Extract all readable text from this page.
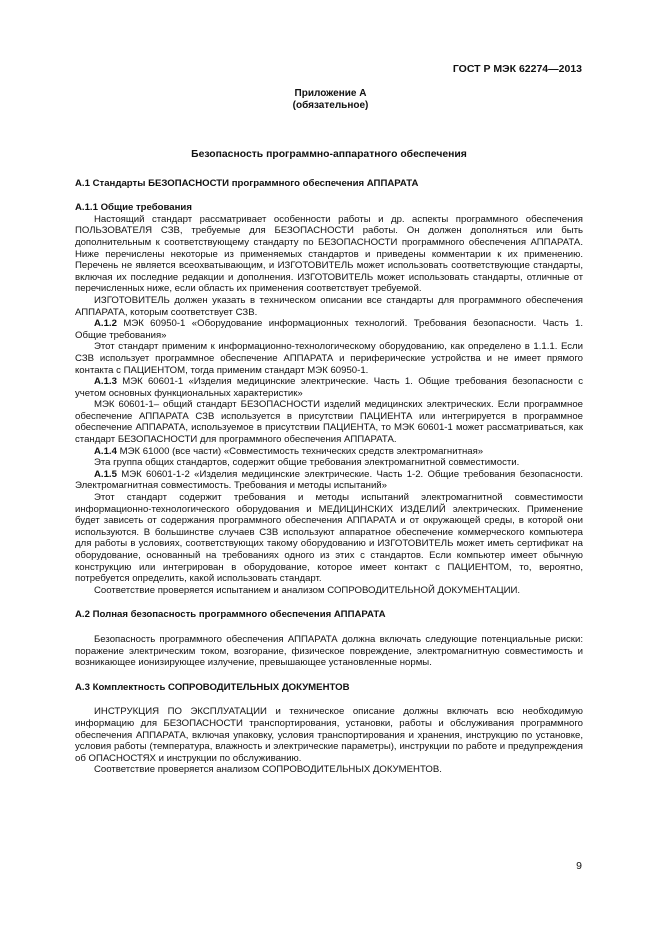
ГОСТ Р МЭК 62274—2013
Приложение А
(обязательное)
Безопасность программно-аппаратного обеспечения
А.1 Стандарты БЕЗОПАСНОСТИ программного обеспечения АППАРАТА
А.1.1 Общие требования

Настоящий стандарт рассматривает особенности работы и др. аспекты программного обеспечения ПОЛЬЗОВАТЕЛЯ СЗВ, требуемые для БЕЗОПАСНОСТИ работы. Он должен дополняться или быть дополнительным к соответствующему стандарту по БЕЗОПАСНОСТИ программного обеспечения АППАРАТА. Ниже перечислены некоторые из применяемых стандартов и приведены комментарии к их применению. Перечень не является всеохватывающим, и ИЗГОТОВИТЕЛЬ может использовать соответствующие стандарты, включая их последние редакции и дополнения. ИЗГОТОВИТЕЛЬ может использовать стандарты, отличные от перечисленных ниже, если область их применения соответствует требуемой.

ИЗГОТОВИТЕЛЬ должен указать в техническом описании все стандарты для программного обеспечения АППАРАТА, которым соответствует СЗВ.

А.1.2 МЭК 60950-1 «Оборудование информационных технологий. Требования безопасности. Часть 1. Общие требования»

Этот стандарт применим к информационно-технологическому оборудованию, как определено в 1.1.1. Если СЗВ использует программное обеспечение АППАРАТА и периферические устройства и не имеет прямого контакта с ПАЦИЕНТОМ, тогда применим стандарт МЭК 60950-1.

А.1.3 МЭК 60601-1 «Изделия медицинские электрические. Часть 1. Общие требования безопасности с учетом основных функциональных характеристик»

МЭК 60601-1– общий стандарт БЕЗОПАСНОСТИ изделий медицинских электрических. Если программное обеспечение АППАРАТА СЗВ используется в присутствии ПАЦИЕНТА или интегрируется в программное обеспечение АППАРАТА, используемое в присутствии ПАЦИЕНТА, то МЭК 60601-1 может рассматриваться, как стандарт БЕЗОПАСНОСТИ для программного обеспечения АППАРАТА.

А.1.4 МЭК 61000 (все части) «Совместимость технических средств электромагнитная»

Эта группа общих стандартов, содержит общие требования электромагнитной совместимости.

А.1.5 МЭК 60601-1-2 «Изделия медицинские электрические. Часть 1-2. Общие требования безопасности. Электромагнитная совместимость. Требования и методы испытаний»

Этот стандарт содержит требования и методы испытаний электромагнитной совместимости информационно-технологического оборудования и МЕДИЦИНСКИХ ИЗДЕЛИЙ электрических. Применение будет зависеть от содержания программного обеспечения АППАРАТА и от окружающей среды, в которой они используются. В большинстве случаев СЗВ используют аппаратное обеспечение коммерческого компьютера для работы в условиях, соответствующих такому оборудованию и ИЗГОТОВИТЕЛЬ может иметь сертификат на оборудование, основанный на требованиях одного из этих с стандартов. Если компьютер имеет обычную конструкцию или интегрирован в оборудование, которое имеет контакт с ПАЦИЕНТОМ, то, вероятно, потребуется определить, какой использовать стандарт.

Соответствие проверяется испытанием и анализом СОПРОВОДИТЕЛЬНОЙ ДОКУМЕНТАЦИИ.

А.2 Полная безопасность программного обеспечения АППАРАТА

Безопасность программного обеспечения АППАРАТА должна включать следующие потенциальные риски: поражение электрическим током, возгорание, физическое повреждение, электромагнитную совместимость и возникающее ионизирующее излучение, превышающее установленные нормы.

А.3 Комплектность СОПРОВОДИТЕЛЬНЫХ ДОКУМЕНТОВ

ИНСТРУКЦИЯ ПО ЭКСПЛУАТАЦИИ и техническое описание должны включать всю необходимую информацию для БЕЗОПАСНОСТИ транспортирования, установки, работы и обслуживания программного обеспечения АППАРАТА, включая упаковку, условия транспортирования и хранения, инструкцию по установке, условия работы (температура, влажность и электрические параметры), инструкции по работе и предупреждения об ОПАСНОСТЯХ и инструкции по обслуживанию.

Соответствие проверяется анализом СОПРОВОДИТЕЛЬНЫХ ДОКУМЕНТОВ.

9
